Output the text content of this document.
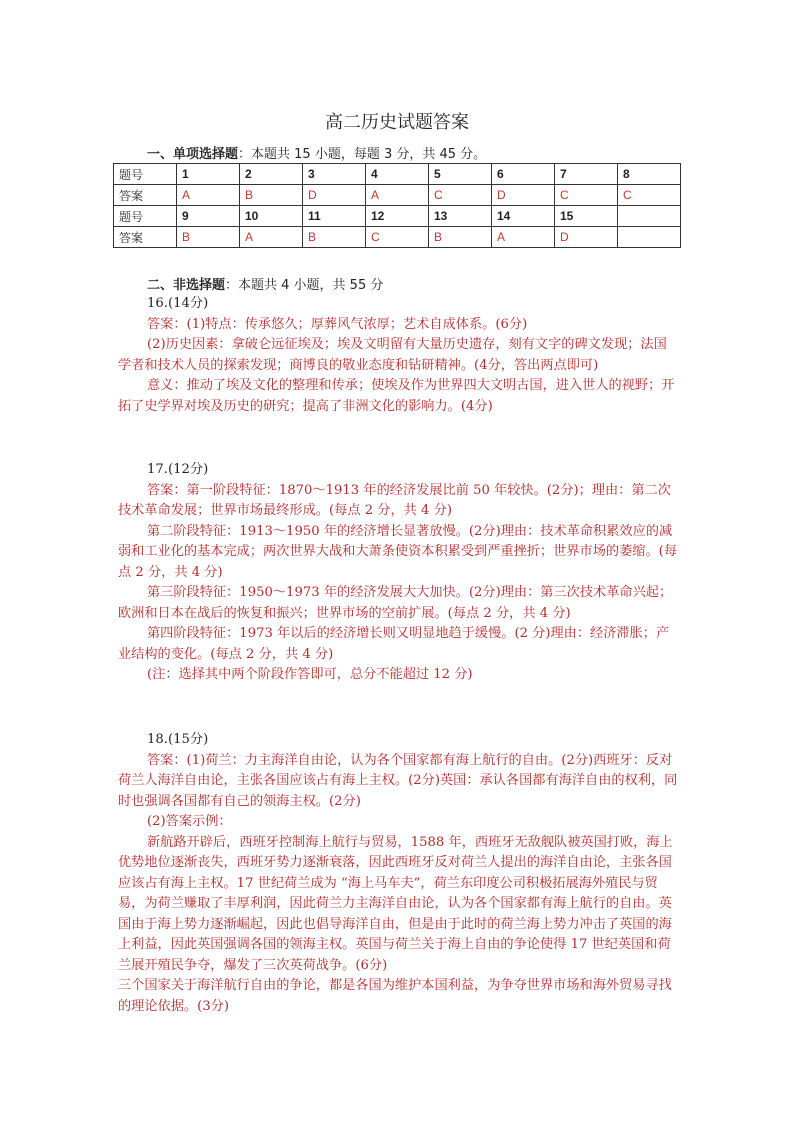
高二历史试题答案
一、单项选择题：本题共 15 小题，每题 3 分，共 45 分。
题号	1	2	3	4	5	6	7	8
答案	A	B	D	A	C	D	C	C
题号	9	10	11	12	13	14	15	
答案	B	A	B	C	B	A	D	
二、非选择题：本题共 4 小题，共 55 分

16.(14分)

答案：(1)特点：传承悠久；厚葬风气浓厚；艺术自成体系。(6分)

(2)历史因素：拿破仑远征埃及；埃及文明留有大量历史遗存，刻有文字的碑文发现；法国学者和技术人员的探索发现；商博良的敬业态度和钻研精神。(4分，答出两点即可)

意义：推动了埃及文化的整理和传承；使埃及作为世界四大文明古国，进入世人的视野；开拓了史学界对埃及历史的研究；提高了非洲文化的影响力。(4分)

17.(12分)

答案：第一阶段特征：1870～1913 年的经济发展比前 50 年较快。(2分)；理由：第二次技术革命发展；世界市场最终形成。(每点 2 分，共 4 分)

第二阶段特征：1913～1950 年的经济增长显著放慢。(2分)理由：技术革命积累效应的减弱和工业化的基本完成；两次世界大战和大萧条使资本积累受到严重挫折；世界市场的萎缩。(每点 2 分，共 4 分)

第三阶段特征：1950～1973 年的经济发展大大加快。(2分)理由：第三次技术革命兴起；欧洲和日本在战后的恢复和振兴；世界市场的空前扩展。(每点 2 分，共 4 分)

第四阶段特征：1973 年以后的经济增长则又明显地趋于缓慢。(2 分)理由：经济滞胀；产业结构的变化。(每点 2 分，共 4 分)

(注：选择其中两个阶段作答即可，总分不能超过 12 分)

18.(15分)

答案：(1)荷兰：力主海洋自由论，认为各个国家都有海上航行的自由。(2分)西班牙：反对荷兰人海洋自由论，主张各国应该占有海上主权。(2分)英国：承认各国都有海洋自由的权利，同时也强调各国都有自己的领海主权。(2分)

(2)答案示例：

新航路开辟后，西班牙控制海上航行与贸易，1588 年，西班牙无敌舰队被英国打败，海上优势地位逐渐丧失，西班牙势力逐渐衰落，因此西班牙反对荷兰人提出的海洋自由论，主张各国应该占有海上主权。17 世纪荷兰成为 “海上马车夫”，荷兰东印度公司积极拓展海外殖民与贸易，为荷兰赚取了丰厚利润，因此荷兰力主海洋自由论，认为各个国家都有海上航行的自由。英国由于海上势力逐渐崛起，因此也倡导海洋自由，但是由于此时的荷兰海上势力冲击了英国的海上利益，因此英国强调各国的领海主权。英国与荷兰关于海上自由的争论使得 17 世纪英国和荷兰展开殖民争夺，爆发了三次英荷战争。(6分)

三个国家关于海洋航行自由的争论，都是各国为维护本国利益，为争夺世界市场和海外贸易寻找的理论依据。(3分)
